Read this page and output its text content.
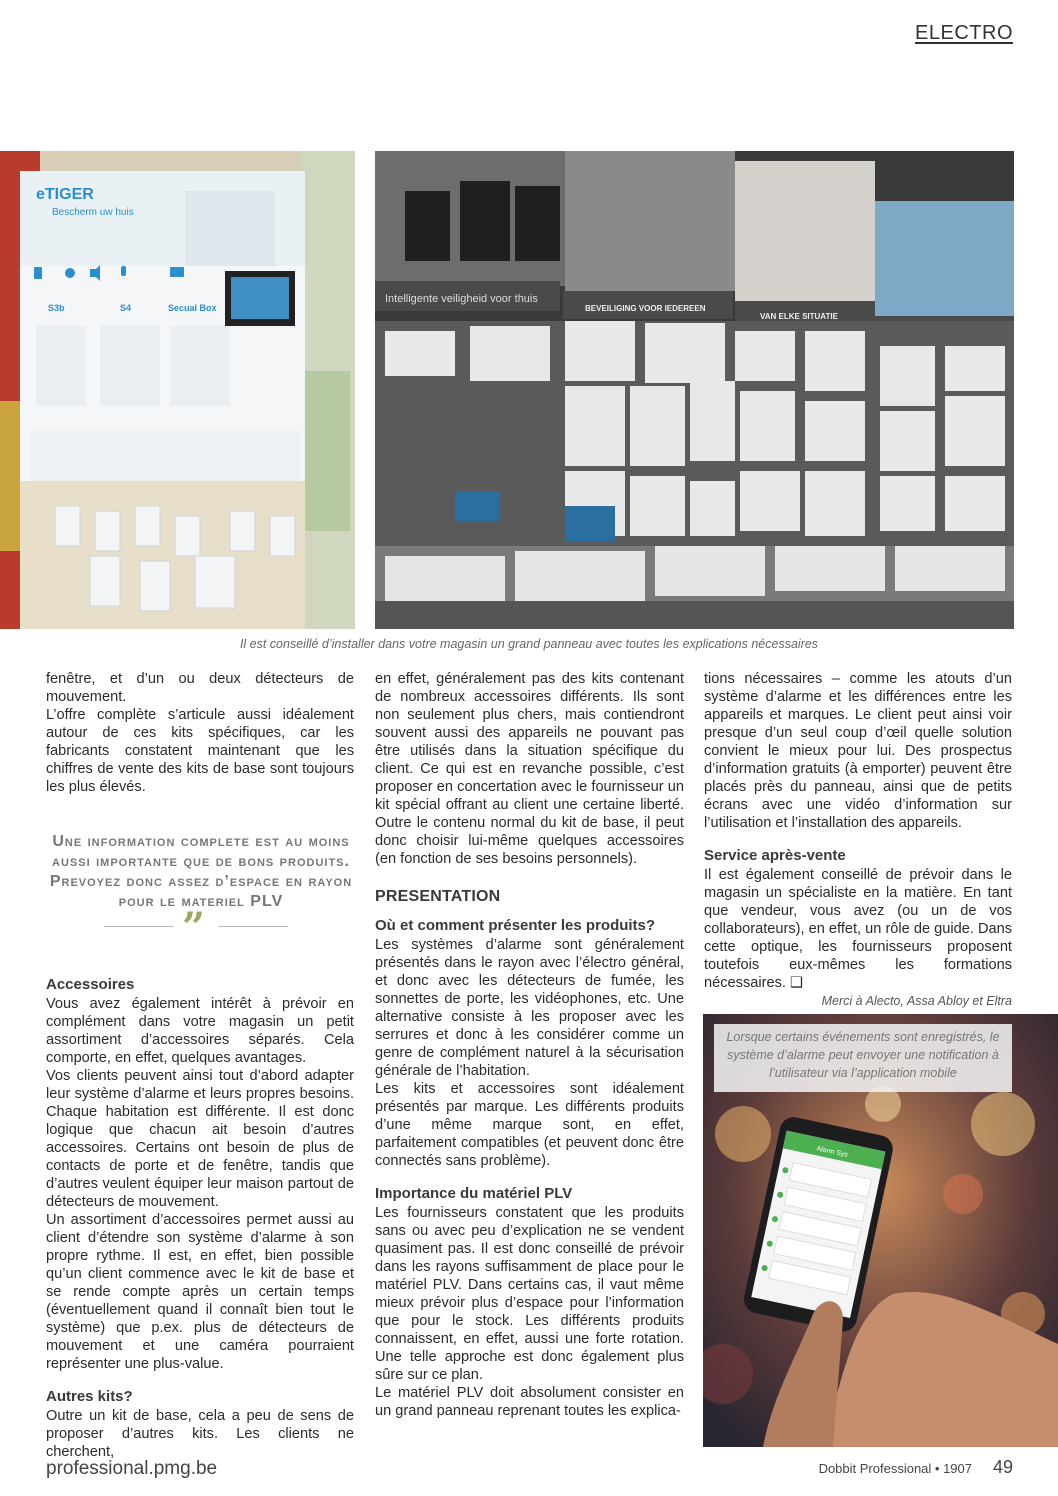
ELECTRO
eTIGER
Bescherm uw huis
S3b	S4	Secual Box
Intelligente veiligheid voor thuis
BEVEILIGING VOOR IEDEREEN
VAN ELKE SITUATIE
Il est conseillé d’installer dans votre magasin un grand panneau avec toutes les explications nécessaires

fenêtre, et d’un ou deux détecteurs de mouvement.

L’offre complète s’articule aussi idéalement autour de ces kits spécifiques, car les fabricants constatent maintenant que les chiffres de vente des kits de base sont toujours les plus élevés.

Une information complete est au moins aussi importante que de bons produits. Prevoyez donc assez d’espace en rayon pour le materiel PLV
”
Accessoires

Vous avez également intérêt à prévoir en complément dans votre magasin un petit assortiment d’accessoires séparés. Cela comporte, en effet, quelques avantages.

Vos clients peuvent ainsi tout d’abord adapter leur système d’alarme et leurs propres besoins. Chaque habitation est différente. Il est donc logique que chacun ait besoin d’autres accessoires. Certains ont besoin de plus de contacts de porte et de fenêtre, tandis que d’autres veulent équiper leur maison partout de détecteurs de mouvement.

Un assortiment d’accessoires permet aussi au client d’étendre son système d’alarme à son propre rythme. Il est, en effet, bien possible qu’un client commence avec le kit de base et se rende compte après un certain temps (éventuellement quand il connaît bien tout le système) que p.ex. plus de détecteurs de mouvement et une caméra pourraient représenter une plus-value.

Autres kits?

Outre un kit de base, cela a peu de sens de proposer d’autres kits. Les clients ne cherchent,

en effet, généralement pas des kits contenant de nombreux accessoires différents. Ils sont non seulement plus chers, mais contiendront souvent aussi des appareils ne pouvant pas être utilisés dans la situation spécifique du client. Ce qui est en revanche possible, c’est proposer en concertation avec le fournisseur un kit spécial offrant au client une certaine liberté. Outre le contenu normal du kit de base, il peut donc choisir lui-même quelques accessoires (en fonction de ses besoins personnels).

PRESENTATION
Où et comment présenter les produits?

Les systèmes d’alarme sont généralement présentés dans le rayon avec l’électro général, et donc avec les détecteurs de fumée, les sonnettes de porte, les vidéophones, etc. Une alternative consiste à les proposer avec les serrures et donc à les considérer comme un genre de complément naturel à la sécurisation générale de l’habitation.

Les kits et accessoires sont idéalement présentés par marque. Les différents produits d’une même marque sont, en effet, parfaitement compatibles (et peuvent donc être connectés sans problème).

Importance du matériel PLV

Les fournisseurs constatent que les produits sans ou avec peu d’explication ne se vendent quasiment pas. Il est donc conseillé de prévoir dans les rayons suffisamment de place pour le matériel PLV. Dans certains cas, il vaut même mieux prévoir plus d’espace pour l’information que pour le stock. Les différents produits connaissent, en effet, aussi une forte rotation. Une telle approche est donc également plus sûre sur ce plan.

Le matériel PLV doit absolument consister en un grand panneau reprenant toutes les explica-

tions nécessaires – comme les atouts d’un système d’alarme et les différences entre les appareils et marques. Le client peut ainsi voir presque d’un seul coup d’œil quelle solution convient le mieux pour lui. Des prospectus d’information gratuits (à emporter) peuvent être placés près du panneau, ainsi que de petits écrans avec une vidéo d’information sur l’utilisation et l’installation des appareils.

Service après-vente

Il est également conseillé de prévoir dans le magasin un spécialiste en la matière. En tant que vendeur, vous avez (ou un de vos collaborateurs), en effet, un rôle de guide. Dans cette optique, les fournisseurs proposent toutefois eux-mêmes les formations nécessaires. ❑

Merci à Alecto, Assa Abloy et Eltra

Alarm Sys
Lorsque certains événements sont enregistrés, le système d’alarme peut envoyer une notification à l’utilisateur via l’application mobile
professional.pmg.be	Dobbit Professional • 1907 49
